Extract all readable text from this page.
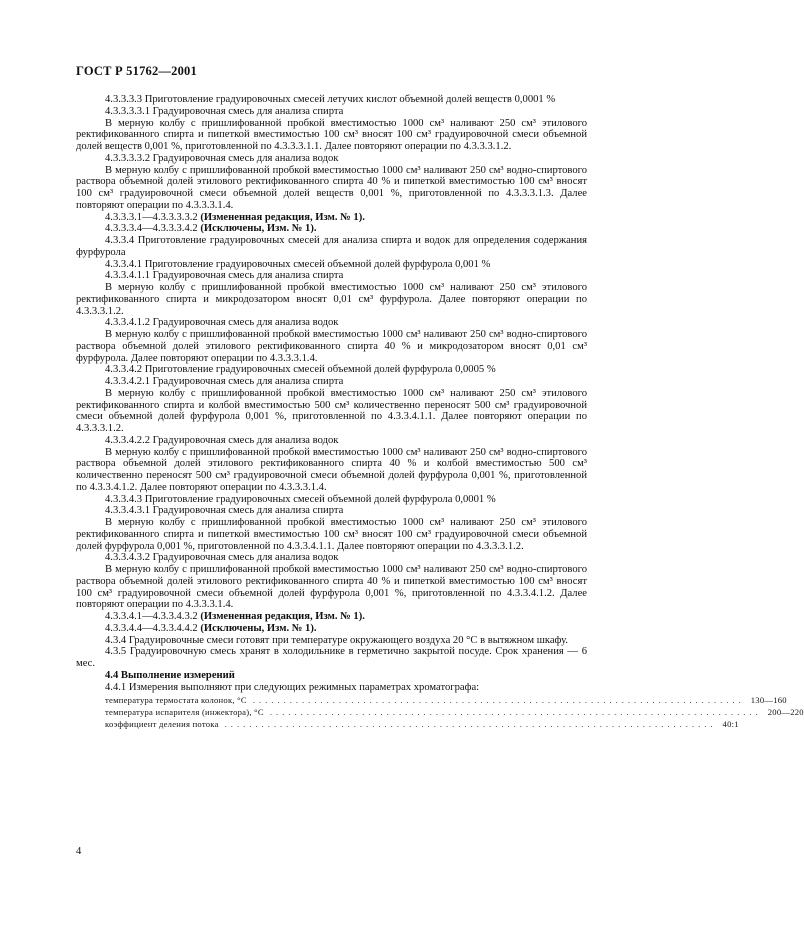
ГОСТ Р 51762—2001

4.3.3.3.3 Приготовление градуировочных смесей летучих кислот объемной долей веществ 0,0001 %

4.3.3.3.3.1 Градуировочная смесь для анализа спирта

В мерную колбу с пришлифованной пробкой вместимостью 1000 см³ наливают 250 см³ этилового ректификованного спирта и пипеткой вместимостью 100 см³ вносят 100 см³ градуировочной смеси объемной долей веществ 0,001 %, приготовленной по 4.3.3.3.1.1. Далее повторяют операции по 4.3.3.3.1.2.

4.3.3.3.3.2 Градуировочная смесь для анализа водок

В мерную колбу с пришлифованной пробкой вместимостью 1000 см³ наливают 250 см³ водно-спиртового раствора объемной долей этилового ректификованного спирта 40 % и пипеткой вместимостью 100 см³ вносят 100 см³ градуировочной смеси объемной долей веществ 0,001 %, приготовленной по 4.3.3.3.1.3. Далее повторяют операции по 4.3.3.3.1.4.

4.3.3.3.1—4.3.3.3.3.2 (Измененная редакция, Изм. № 1).

4.3.3.3.4—4.3.3.3.4.2 (Исключены, Изм. № 1).

4.3.3.4 Приготовление градуировочных смесей для анализа спирта и водок для определения содержания фурфурола

4.3.3.4.1 Приготовление градуировочных смесей объемной долей фурфурола 0,001 %

4.3.3.4.1.1 Градуировочная смесь для анализа спирта

В мерную колбу с пришлифованной пробкой вместимостью 1000 см³ наливают 250 см³ этилового ректификованного спирта и микродозатором вносят 0,01 см³ фурфурола. Далее повторяют операции по 4.3.3.3.1.2.

4.3.3.4.1.2 Градуировочная смесь для анализа водок

В мерную колбу с пришлифованной пробкой вместимостью 1000 см³ наливают 250 см³ водно-спиртового раствора объемной долей этилового ректификованного спирта 40 % и микродозатором вносят 0,01 см³ фурфурола. Далее повторяют операции по 4.3.3.3.1.4.

4.3.3.4.2 Приготовление градуировочных смесей объемной долей фурфурола 0,0005 %

4.3.3.4.2.1 Градуировочная смесь для анализа спирта

В мерную колбу с пришлифованной пробкой вместимостью 1000 см³ наливают 250 см³ этилового ректификованного спирта и колбой вместимостью 500 см³ количественно переносят 500 см³ градуировочной смеси объемной долей фурфурола 0,001 %, приготовленной по 4.3.3.4.1.1. Далее повторяют операции по 4.3.3.3.1.2.

4.3.3.4.2.2 Градуировочная смесь для анализа водок

В мерную колбу с пришлифованной пробкой вместимостью 1000 см³ наливают 250 см³ водно-спиртового раствора объемной долей этилового ректификованного спирта 40 % и колбой вместимостью 500 см³ количественно переносят 500 см³ градуировочной смеси объемной долей фурфурола 0,001 %, приготовленной по 4.3.3.4.1.2. Далее повторяют операции по 4.3.3.3.1.4.

4.3.3.4.3 Приготовление градуировочных смесей объемной долей фурфурола 0,0001 %

4.3.3.4.3.1 Градуировочная смесь для анализа спирта

В мерную колбу с пришлифованной пробкой вместимостью 1000 см³ наливают 250 см³ этилового ректификованного спирта и пипеткой вместимостью 100 см³ вносят 100 см³ градуировочной смеси объемной долей фурфурола 0,001 %, приготовленной по 4.3.3.4.1.1. Далее повторяют операции по 4.3.3.3.1.2.

4.3.3.4.3.2 Градуировочная смесь для анализа водок

В мерную колбу с пришлифованной пробкой вместимостью 1000 см³ наливают 250 см³ водно-спиртового раствора объемной долей этилового ректификованного спирта 40 % и пипеткой вместимостью 100 см³ вносят 100 см³ градуировочной смеси объемной долей фурфурола 0,001 %, приготовленной по 4.3.3.4.1.2. Далее повторяют операции по 4.3.3.3.1.4.

4.3.3.4.1—4.3.3.4.3.2 (Измененная редакция, Изм. № 1).

4.3.3.4.4—4.3.3.4.4.2 (Исключены, Изм. № 1).

4.3.4 Градуировочные смеси готовят при температуре окружающего воздуха 20 °С в вытяжном шкафу.

4.3.5 Градуировочную смесь хранят в холодильнике в герметично закрытой посуде. Срок хранения — 6 мес.

4.4 Выполнение измерений

4.4.1 Измерения выполняют при следующих режимных параметрах хроматографа:

температура термостата колонок, °С ................................................................................ 130—160
температура испарителя (инжектора), °С ................................................................................ 200—220
коэффициент деления потока ................................................................................ 40:1
4
